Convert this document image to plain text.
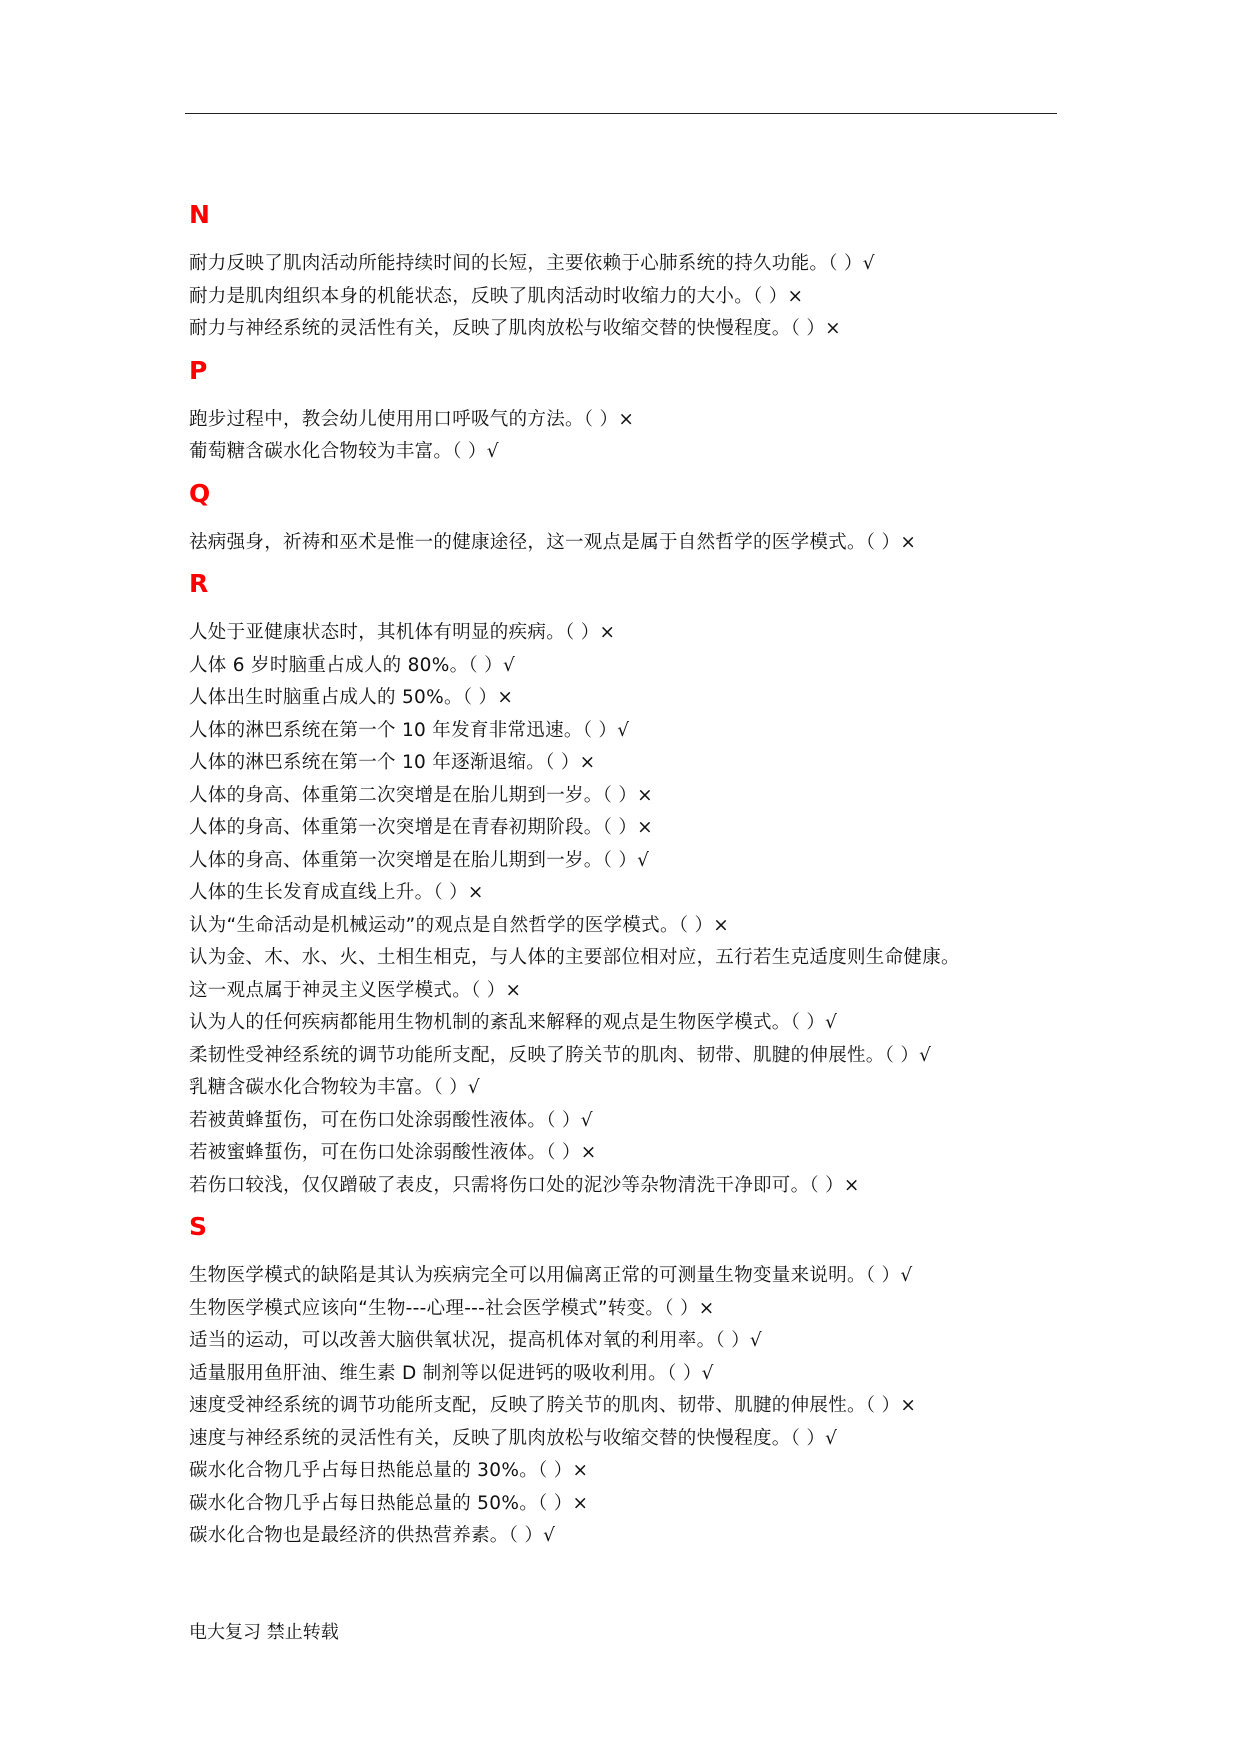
N
耐力反映了肌肉活动所能持续时间的长短，主要依赖于心肺系统的持久功能。（ ）√
耐力是肌肉组织本身的机能状态，反映了肌肉活动时收缩力的大小。（ ）×
耐力与神经系统的灵活性有关，反映了肌肉放松与收缩交替的快慢程度。（ ）×
P
跑步过程中，教会幼儿使用用口呼吸气的方法。（ ）×
葡萄糖含碳水化合物较为丰富。（ ）√
Q
祛病强身，祈祷和巫术是惟一的健康途径，这一观点是属于自然哲学的医学模式。（ ）×
R
人处于亚健康状态时，其机体有明显的疾病。（ ）×
人体 6 岁时脑重占成人的 80%。（ ）√
人体出生时脑重占成人的 50%。（ ）×
人体的淋巴系统在第一个 10 年发育非常迅速。（ ）√
人体的淋巴系统在第一个 10 年逐渐退缩。（ ）×
人体的身高、体重第二次突增是在胎儿期到一岁。（ ）×
人体的身高、体重第一次突增是在青春初期阶段。（ ）×
人体的身高、体重第一次突增是在胎儿期到一岁。（ ）√
人体的生长发育成直线上升。（ ）×
认为“生命活动是机械运动”的观点是自然哲学的医学模式。（ ）×
认为金、木、水、火、土相生相克，与人体的主要部位相对应，五行若生克适度则生命健康。
这一观点属于神灵主义医学模式。（ ）×
认为人的任何疾病都能用生物机制的紊乱来解释的观点是生物医学模式。（ ）√
柔韧性受神经系统的调节功能所支配，反映了胯关节的肌肉、韧带、肌腱的伸展性。（ ）√
乳糖含碳水化合物较为丰富。（ ）√
若被黄蜂蜇伤，可在伤口处涂弱酸性液体。（ ）√
若被蜜蜂蜇伤，可在伤口处涂弱酸性液体。（ ）×
若伤口较浅，仅仅蹭破了表皮，只需将伤口处的泥沙等杂物清洗干净即可。（ ）×
S
生物医学模式的缺陷是其认为疾病完全可以用偏离正常的可测量生物变量来说明。（ ）√
生物医学模式应该向“生物---心理---社会医学模式”转变。（ ）×
适当的运动，可以改善大脑供氧状况，提高机体对氧的利用率。（ ）√
适量服用鱼肝油、维生素 D 制剂等以促进钙的吸收利用。（ ）√
速度受神经系统的调节功能所支配，反映了胯关节的肌肉、韧带、肌腱的伸展性。（ ）×
速度与神经系统的灵活性有关，反映了肌肉放松与收缩交替的快慢程度。（ ）√
碳水化合物几乎占每日热能总量的 30%。（ ）×
碳水化合物几乎占每日热能总量的 50%。（ ）×
碳水化合物也是最经济的供热营养素。（ ）√
电大复习 禁止转载
